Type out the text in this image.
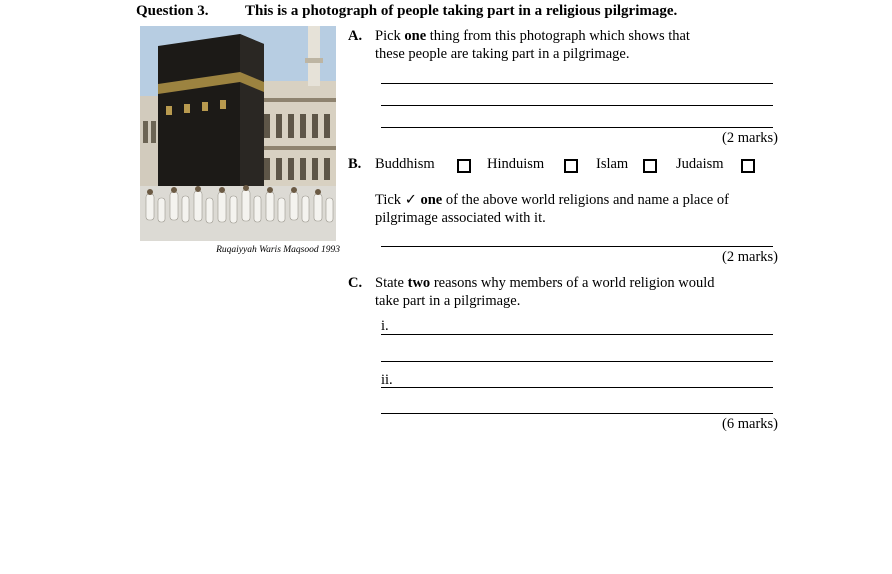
Question 3. This is a photograph of people taking part in a religious pilgrimage.
Ruqaiyyah Waris Maqsood 1993
A. Pick one thing from this photograph which shows that
these people are taking part in a pilgrimage.
(2 marks)
B. Buddhism	Hinduism	Islam	Judaism
Tick ✓ one of the above world religions and name a place of
pilgrimage associated with it.
(2 marks)
C. State two reasons why members of a world religion would
take part in a pilgrimage.
i.
ii.
(6 marks)
